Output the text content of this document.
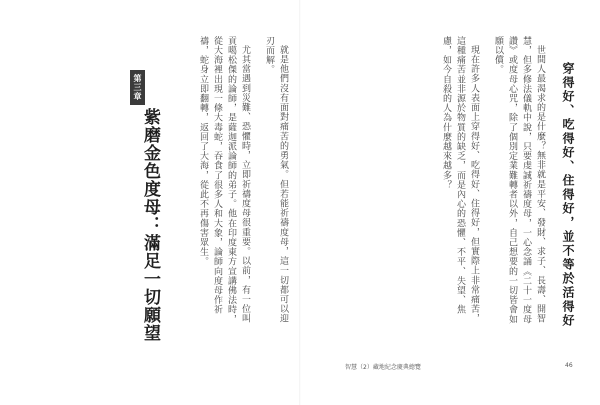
第三章
紫磨金色度母：滿足一切願望	就是他們沒有面對痛苦的勇氣。但若能祈禱度母，這一切都可以迎刃而解。

尤其當遇到災難、恐懼時，立即祈禱度母很重要。以前，有一位叫貢噶松傑的論師，是薩迦派論師的弟子。他在印度東方宣講佛法時，從大海裡出現一條大毒蛇，吞食了很多人和大象，論師向度母作祈禱，蛇身立即翻轉，返回了大海，從此不再傷害眾生。	穿得好、吃得好、住得好，並不等於活得好

世間人最渴求的是什麼？無非就是平安、發財、求子、長壽、開智慧，但多修法儀軌中說，只要虔誠祈禱度母，一心念誦《二十一度母讚》或度母心咒，除了個別定業難轉者以外，自己想要的一切皆會如願以償。

現在許多人表面上穿得好、吃得好、住得好，但實際上非常痛苦，這種痛苦並非源於物質的缺乏，而是內心的恐懼、不平、失望、焦慮，如今自殺的人為什麼越來越多？

智慧（2）藏地紀念慶典總覽	46
